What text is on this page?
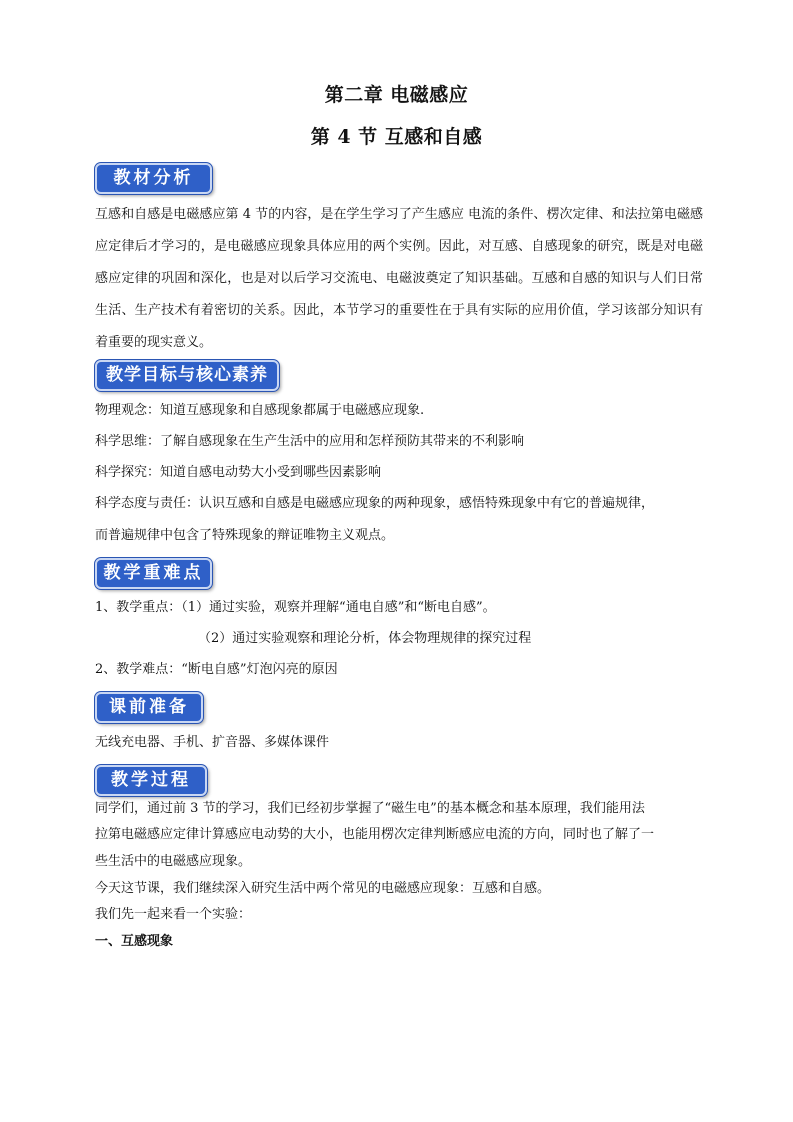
第二章 电磁感应
第 4 节 互感和自感
教材分析
互感和自感是电磁感应第 4 节的内容，是在学生学习了产生感应 电流的条件、楞次定律、和法拉第电磁感应定律后才学习的，是电磁感应现象具体应用的两个实例。因此，对互感、自感现象的研究，既是对电磁感应定律的巩固和深化，也是对以后学习交流电、电磁波奠定了知识基础。互感和自感的知识与人们日常生活、生产技术有着密切的关系。因此，本节学习的重要性在于具有实际的应用价值，学习该部分知识有着重要的现实意义。
教学目标与核心素养
物理观念：知道互感现象和自感现象都属于电磁感应现象.
科学思维：了解自感现象在生产生活中的应用和怎样预防其带来的不利影响
科学探究：知道自感电动势大小受到哪些因素影响
科学态度与责任：认识互感和自感是电磁感应现象的两种现象，感悟特殊现象中有它的普遍规律，
而普遍规律中包含了特殊现象的辩证唯物主义观点。
教学重难点
1、教学重点：（1）通过实验，观察并理解“通电自感”和“断电自感”。
（2）通过实验观察和理论分析，体会物理规律的探究过程
2、教学难点：“断电自感”灯泡闪亮的原因
课前准备
无线充电器、手机、扩音器、多媒体课件
教学过程
同学们，通过前 3 节的学习，我们已经初步掌握了“磁生电”的基本概念和基本原理，我们能用法
拉第电磁感应定律计算感应电动势的大小，也能用楞次定律判断感应电流的方向，同时也了解了一
些生活中的电磁感应现象。
今天这节课，我们继续深入研究生活中两个常见的电磁感应现象：互感和自感。
我们先一起来看一个实验：
一、互感现象
